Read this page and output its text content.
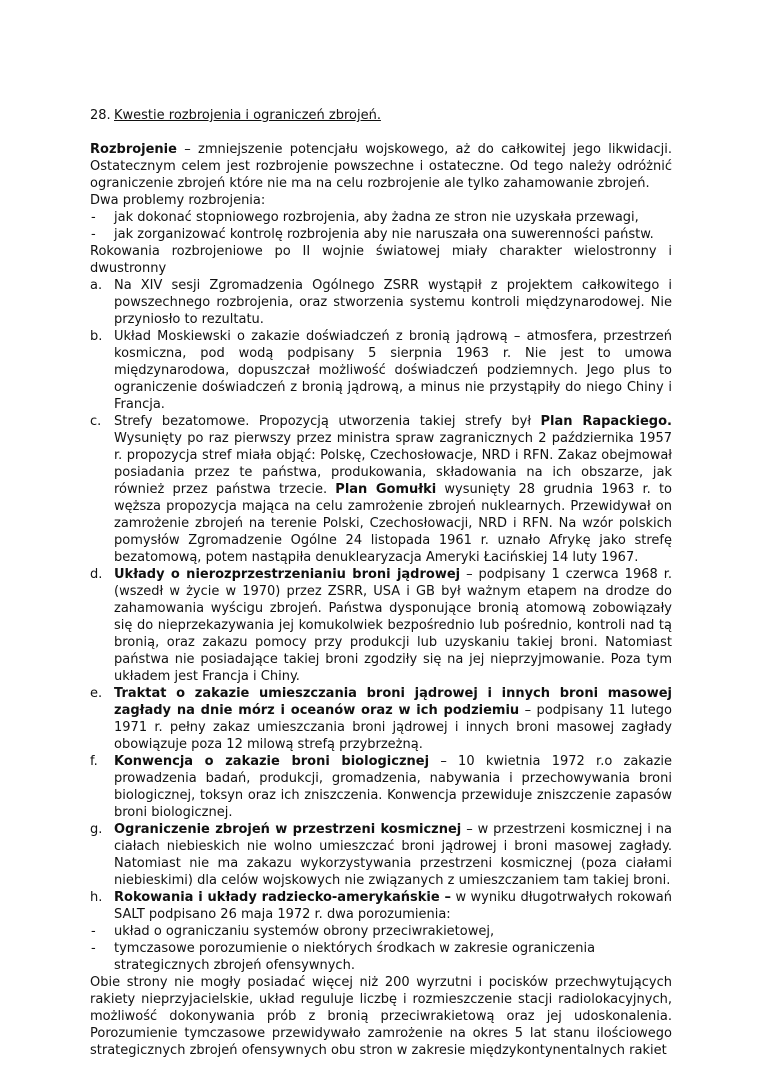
28. Kwestie rozbrojenia i ograniczeń zbrojeń.

Rozbrojenie – zmniejszenie potencjału wojskowego, aż do całkowitej jego likwidacji. Ostatecznym celem jest rozbrojenie powszechne i ostateczne. Od tego należy odróżnić ograniczenie zbrojeń które nie ma na celu rozbrojenie ale tylko zahamowanie zbrojeń.

Dwa problemy rozbrojenia:

- jak dokonać stopniowego rozbrojenia, aby żadna ze stron nie uzyskała przewagi,

- jak zorganizować kontrolę rozbrojenia aby nie naruszała ona suwerenności państw.

Rokowania rozbrojeniowe po II wojnie światowej miały charakter wielostronny i dwustronny

a. Na XIV sesji Zgromadzenia Ogólnego ZSRR wystąpił z projektem całkowitego i powszechnego rozbrojenia, oraz stworzenia systemu kontroli międzynarodowej. Nie przyniosło to rezultatu.

b. Układ Moskiewski o zakazie doświadczeń z bronią jądrową – atmosfera, przestrzeń kosmiczna, pod wodą podpisany 5 sierpnia 1963 r. Nie jest to umowa międzynarodowa, dopuszczał możliwość doświadczeń podziemnych. Jego plus to ograniczenie doświadczeń z bronią jądrową, a minus nie przystąpiły do niego Chiny i Francja.

c. Strefy bezatomowe. Propozycją utworzenia takiej strefy był Plan Rapackiego. Wysunięty po raz pierwszy przez ministra spraw zagranicznych 2 października 1957 r. propozycja stref miała objąć: Polskę, Czechosłowacje, NRD i RFN. Zakaz obejmował posiadania przez te państwa, produkowania, składowania na ich obszarze, jak również przez państwa trzecie. Plan Gomułki wysunięty 28 grudnia 1963 r. to węższa propozycja mająca na celu zamrożenie zbrojeń nuklearnych. Przewidywał on zamrożenie zbrojeń na terenie Polski, Czechosłowacji, NRD i RFN. Na wzór polskich pomysłów Zgromadzenie Ogólne 24 listopada 1961 r. uznało Afrykę jako strefę bezatomową, potem nastąpiła denuklearyzacja Ameryki Łacińskiej 14 luty 1967.

d. Układy o nierozprzestrzenianiu broni jądrowej – podpisany 1 czerwca 1968 r. (wszedł w życie w 1970) przez ZSRR, USA i GB był ważnym etapem na drodze do zahamowania wyścigu zbrojeń. Państwa dysponujące bronią atomową zobowiązały się do nieprzekazywania jej komukolwiek bezpośrednio lub pośrednio, kontroli nad tą bronią, oraz zakazu pomocy przy produkcji lub uzyskaniu takiej broni. Natomiast państwa nie posiadające takiej broni zgodziły się na jej nieprzyjmowanie. Poza tym układem jest Francja i Chiny.

e. Traktat o zakazie umieszczania broni jądrowej i innych broni masowej zagłady na dnie mórz i oceanów oraz w ich podziemiu – podpisany 11 lutego 1971 r. pełny zakaz umieszczania broni jądrowej i innych broni masowej zagłady obowiązuje poza 12 milową strefą przybrzeżną.

f. Konwencja o zakazie broni biologicznej – 10 kwietnia 1972 r.o zakazie prowadzenia badań, produkcji, gromadzenia, nabywania i przechowywania broni biologicznej, toksyn oraz ich zniszczenia. Konwencja przewiduje zniszczenie zapasów broni biologicznej.

g. Ograniczenie zbrojeń w przestrzeni kosmicznej – w przestrzeni kosmicznej i na ciałach niebieskich nie wolno umieszczać broni jądrowej i broni masowej zagłady. Natomiast nie ma zakazu wykorzystywania przestrzeni kosmicznej (poza ciałami niebieskimi) dla celów wojskowych nie związanych z umieszczaniem tam takiej broni.

h. Rokowania i układy radziecko-amerykańskie – w wyniku długotrwałych rokowań SALT podpisano 26 maja 1972 r. dwa porozumienia:

- układ o ograniczaniu systemów obrony przeciwrakietowej,

- tymczasowe porozumienie o niektórych środkach w zakresie ograniczenia strategicznych zbrojeń ofensywnych.

Obie strony nie mogły posiadać więcej niż 200 wyrzutni i pocisków przechwytujących rakiety nieprzyjacielskie, układ reguluje liczbę i rozmieszczenie stacji radiolokacyjnych, możliwość dokonywania prób z bronią przeciwrakietową oraz jej udoskonalenia. Porozumienie tymczasowe przewidywało zamrożenie na okres 5 lat stanu ilościowego strategicznych zbrojeń ofensywnych obu stron w zakresie międzykontynentalnych rakiet
